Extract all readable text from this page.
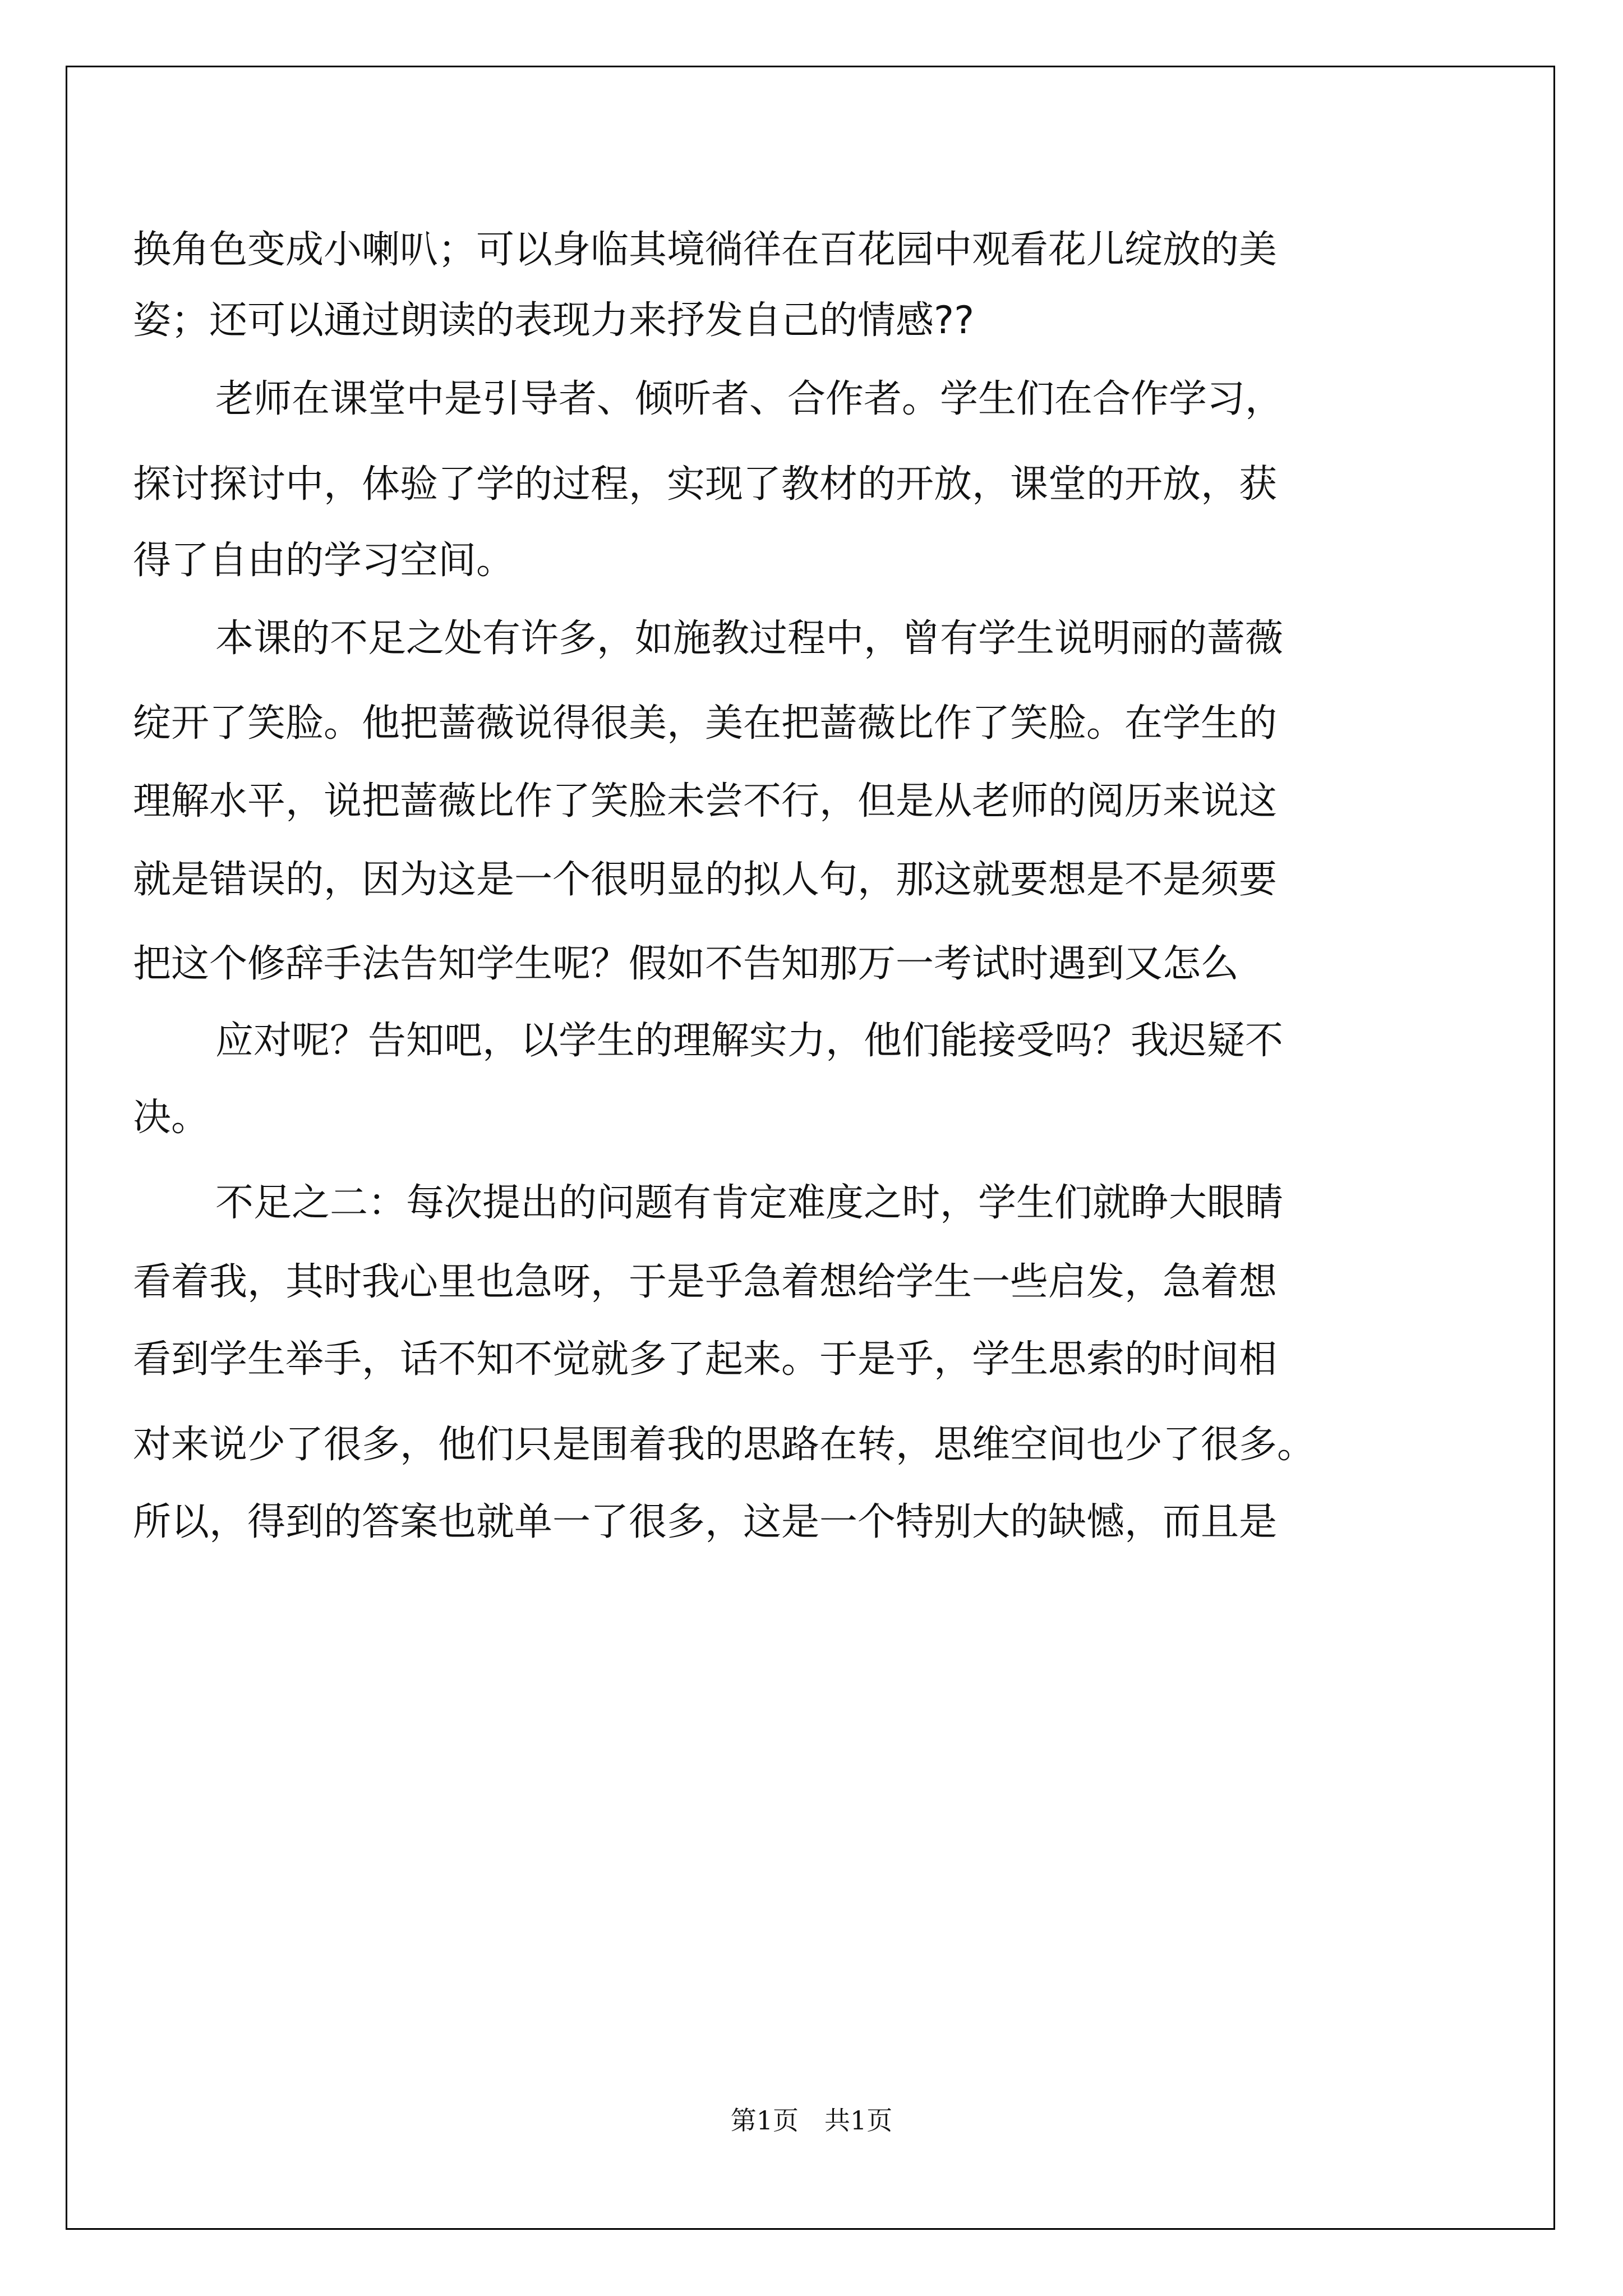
换角色变成小喇叭；可以身临其境徜徉在百花园中观看花儿绽放的美
姿；还可以通过朗读的表现力来抒发自己的情感??
老师在课堂中是引导者、倾听者、合作者。学生们在合作学习，
探讨探讨中，体验了学的过程，实现了教材的开放，课堂的开放，获
得了自由的学习空间。
本课的不足之处有许多，如施教过程中，曾有学生说明丽的蔷薇
绽开了笑脸。他把蔷薇说得很美，美在把蔷薇比作了笑脸。在学生的
理解水平，说把蔷薇比作了笑脸未尝不行，但是从老师的阅历来说这
就是错误的，因为这是一个很明显的拟人句，那这就要想是不是须要
把这个修辞手法告知学生呢？假如不告知那万一考试时遇到又怎么
应对呢？告知吧，以学生的理解实力，他们能接受吗？我迟疑不
决。
不足之二：每次提出的问题有肯定难度之时，学生们就睁大眼睛
看着我，其时我心里也急呀，于是乎急着想给学生一些启发，急着想
看到学生举手，话不知不觉就多了起来。于是乎，学生思索的时间相
对来说少了很多，他们只是围着我的思路在转，思维空间也少了很多。
所以，得到的答案也就单一了很多，这是一个特别大的缺憾，而且是
第1页　共1页
